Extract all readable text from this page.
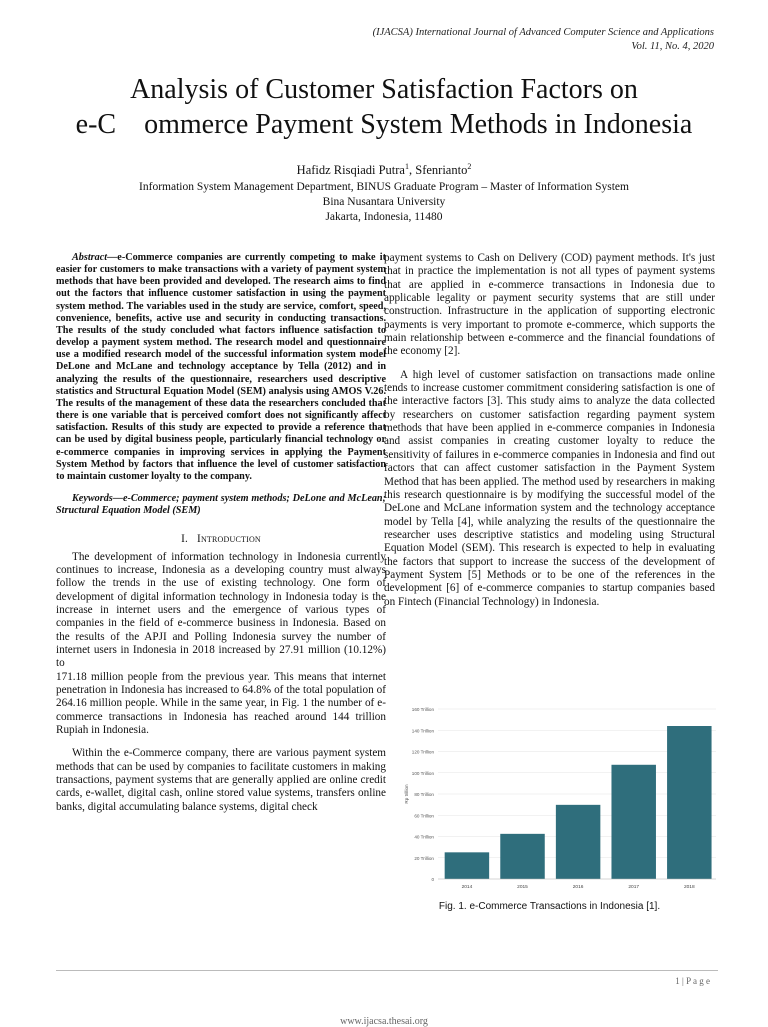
(IJACSA) International Journal of Advanced Computer Science and Applications
Vol. 11, No. 4, 2020
Analysis of Customer Satisfaction Factors on
e-C    ommerce Payment System Methods in Indonesia
Hafidz Risqiadi Putra$^1$, Sfenrianto$^2$
Information System Management Department, BINUS Graduate Program – Master of Information System
Bina Nusantara University
Jakarta, Indonesia, 11480

Abstract—e-Commerce companies are currently competing to make it easier for customers to make transactions with a variety of payment system methods that have been provided and developed. The research aims to find out the factors that influence customer satisfaction in using the payment system method. The variables used in the study are service, comfort, speed, convenience, benefits, active use and security in conducting transactions. The results of the study concluded what factors influence satisfaction to develop a payment system method. The research model and questionnaire use a modified research model of the successful information system model DeLone and McLane and technology acceptance by Tella (2012) and in analyzing the results of the questionnaire, researchers used descriptive statistics and Structural Equation Model (SEM) analysis using AMOS V.26. The results of the management of these data the researchers concluded that there is one variable that is perceived comfort does not significantly affect satisfaction. Results of this study are expected to provide a reference that can be used by digital business people, particularly financial technology or e-commerce companies in improving services in applying the Payment System Method by factors that influence the level of customer satisfaction to maintain customer loyalty to the company.

Keywords—e-Commerce; payment system methods; DeLone and McLean; Structural Equation Model (SEM)

I. Introduction

The development of information technology in Indonesia currently continues to increase, Indonesia as a developing country must always follow the trends in the use of existing technology. One form of development of digital information technology in Indonesia today is the increase in internet users and the emergence of various types of companies in the field of e-commerce business in Indonesia. Based on the results of the APJI and Polling Indonesia survey the number of internet users in Indonesia in 2018 increased by 27.91 million (10.12%) to

171.18 million people from the previous year. This means that internet penetration in Indonesia has increased to 64.8% of the total population of 264.16 million people. While in the same year, in Fig. 1 the number of e-commerce transactions in Indonesia has reached around 144 trillion Rupiah in Indonesia.

Within the e-Commerce company, there are various payment system methods that can be used by companies to facilitate customers in making transactions, payment systems that are generally applied are online credit cards, e-wallet, digital cash, online stored value systems, transfers online banks, digital accumulating balance systems, digital check

payment systems to Cash on Delivery (COD) payment methods. It's just that in practice the implementation is not all types of payment systems that are applied in e-commerce transactions in Indonesia due to applicable legality or payment security systems that are still under construction. Infrastructure in the application of supporting electronic payments is very important to promote e-commerce, which supports the main relationship between e-commerce and the financial foundations of the economy [2].

A high level of customer satisfaction on transactions made online tends to increase customer commitment considering satisfaction is one of the interactive factors [3]. This study aims to analyze the data collected by researchers on customer satisfaction regarding payment system methods that have been applied in e-commerce companies in Indonesia and assist companies in creating customer loyalty to reduce the sensitivity of failures in e-commerce companies in Indonesia and find out factors that can affect customer satisfaction in the Payment System Method that has been applied. The method used by researchers in making this research questionnaire is by modifying the successful model of the DeLone and McLane information system and the technology acceptance model by Tella [4], while analyzing the results of the questionnaire the researcher uses descriptive statistics and modeling using Structural Equation Model (SEM). This research is expected to help in evaluating the factors that support to increase the success of the development of Payment System [5] Methods or to be one of the references in the development [6] of e-commerce companies to startup companies based on Fintech (Financial Technology) in Indonesia.

0
20 Trillion
40 Trillion
60 Trillion
80 Trillion
100 Trillion
120 Trillion
140 Trillion
160 Trillion
Rp trillion
2014	2015	2016	2017	2018
Fig. 1. e-Commerce Transactions in Indonesia [1].
1 | P a g e
www.ijacsa.thesai.org
